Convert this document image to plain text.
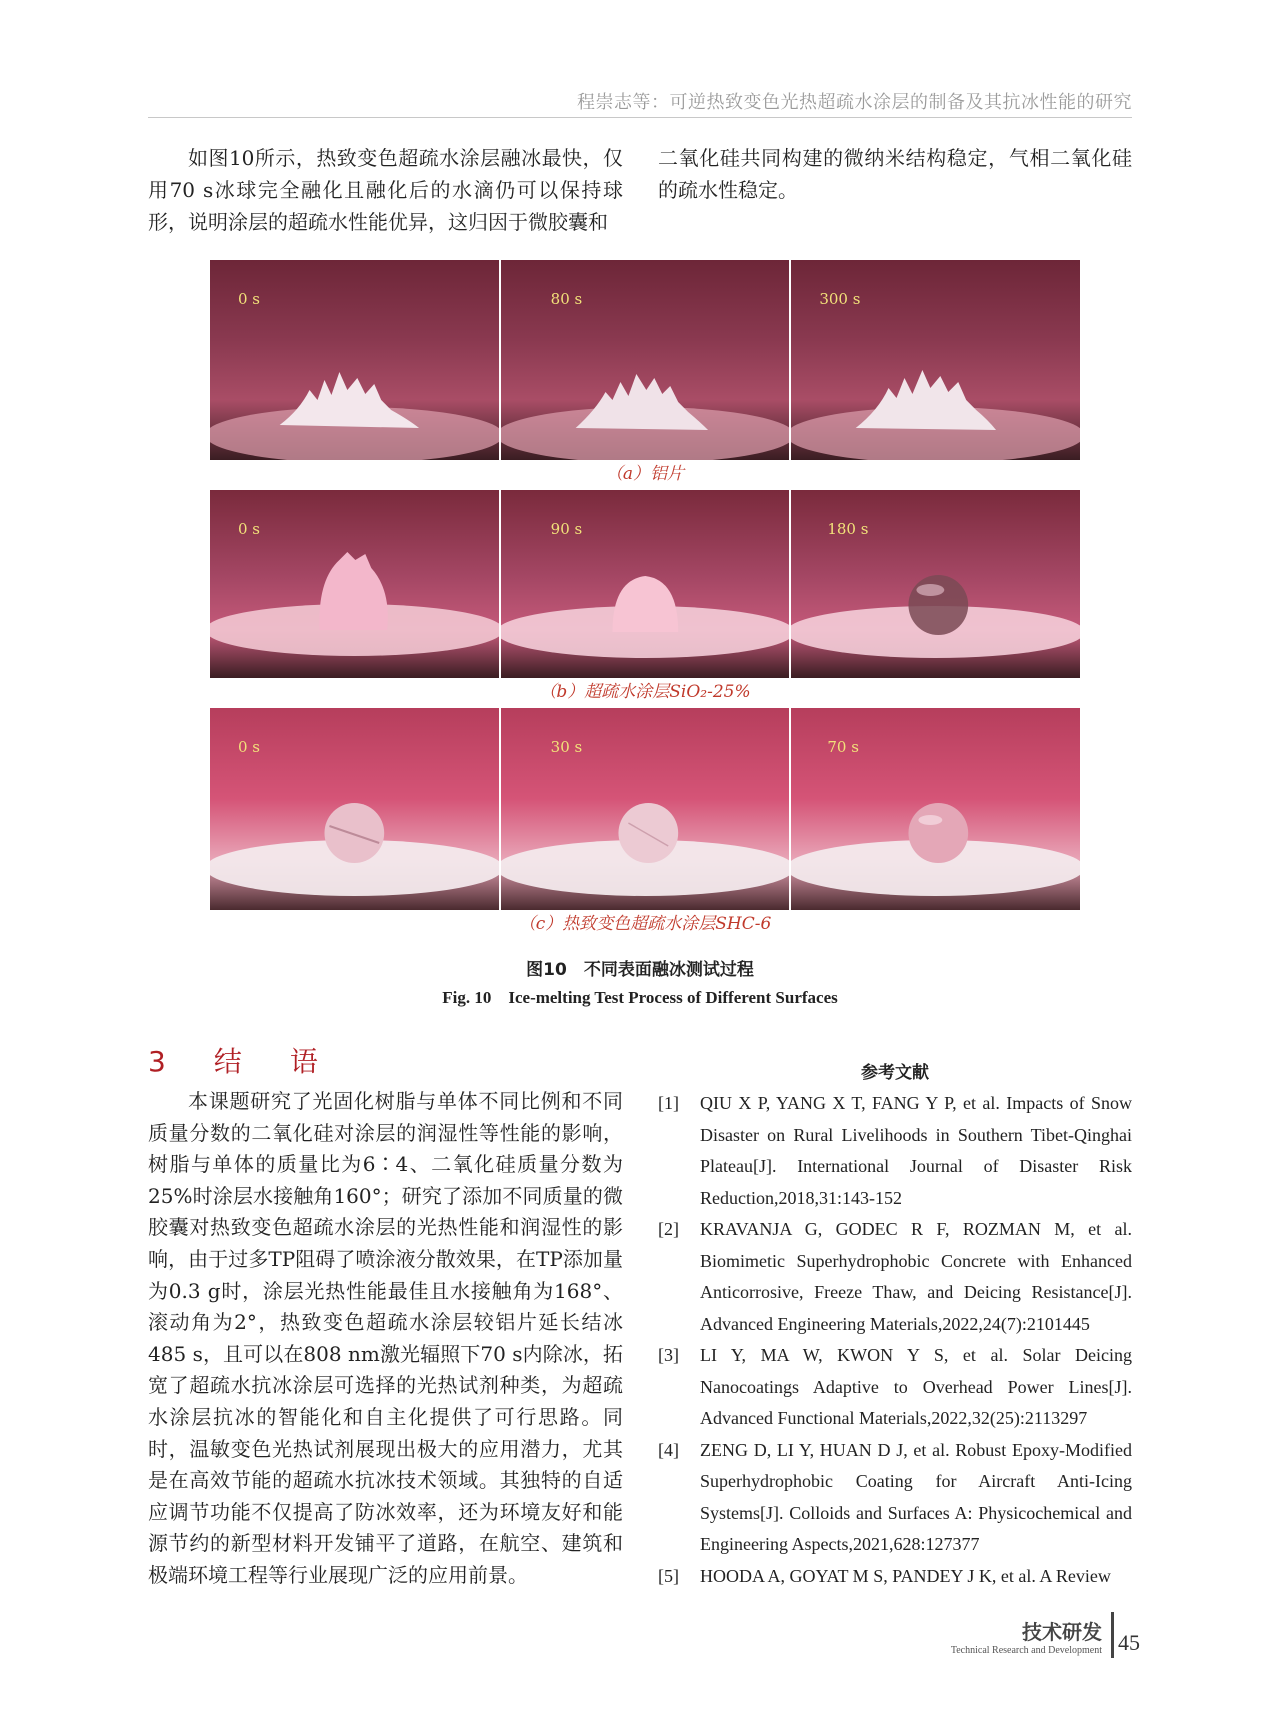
程崇志等：可逆热致变色光热超疏水涂层的制备及其抗冰性能的研究

如图10所示，热致变色超疏水涂层融冰最快，仅用70 s冰球完全融化且融化后的水滴仍可以保持球形，说明涂层的超疏水性能优异，这归因于微胶囊和

二氧化硅共同构建的微纳米结构稳定，气相二氧化硅的疏水性稳定。

0 s	80 s	300 s
（a）铝片
0 s	90 s	180 s
（b）超疏水涂层SiO₂-25%
0 s	30 s	70 s
（c）热致变色超疏水涂层SHC-6
图10　不同表面融冰测试过程
Fig. 10　Ice-melting Test Process of Different Surfaces
3　结　语

本课题研究了光固化树脂与单体不同比例和不同质量分数的二氧化硅对涂层的润湿性等性能的影响，树脂与单体的质量比为6∶4、二氧化硅质量分数为25%时涂层水接触角160°；研究了添加不同质量的微胶囊对热致变色超疏水涂层的光热性能和润湿性的影响，由于过多TP阻碍了喷涂液分散效果，在TP添加量为0.3 g时，涂层光热性能最佳且水接触角为168°、滚动角为2°，热致变色超疏水涂层较铝片延长结冰485 s，且可以在808 nm激光辐照下70 s内除冰，拓宽了超疏水抗冰涂层可选择的光热试剂种类，为超疏水涂层抗冰的智能化和自主化提供了可行思路。同时，温敏变色光热试剂展现出极大的应用潜力，尤其是在高效节能的超疏水抗冰技术领域。其独特的自适应调节功能不仅提高了防冰效率，还为环境友好和能源节约的新型材料开发铺平了道路，在航空、建筑和极端环境工程等行业展现广泛的应用前景。

参考文献
[1]	QIU X P, YANG X T, FANG Y P, et al. Impacts of Snow Disaster on Rural Livelihoods in Southern Tibet-Qinghai Plateau[J]. International Journal of Disaster Risk Reduction,2018,31:143-152
[2]	KRAVANJA G, GODEC R F, ROZMAN M, et al. Biomimetic Superhydrophobic Concrete with Enhanced Anticorrosive, Freeze Thaw, and Deicing Resistance[J]. Advanced Engineering Materials,2022,24(7):2101445
[3]	LI Y, MA W, KWON Y S, et al. Solar Deicing Nanocoatings Adaptive to Overhead Power Lines[J]. Advanced Functional Materials,2022,32(25):2113297
[4]	ZENG D, LI Y, HUAN D J, et al. Robust Epoxy-Modified Superhydrophobic Coating for Aircraft Anti-Icing Systems[J]. Colloids and Surfaces A: Physicochemical and Engineering Aspects,2021,628:127377
[5]	HOODA A, GOYAT M S, PANDEY J K, et al. A Review
技术研发
Technical Research and Development 45
